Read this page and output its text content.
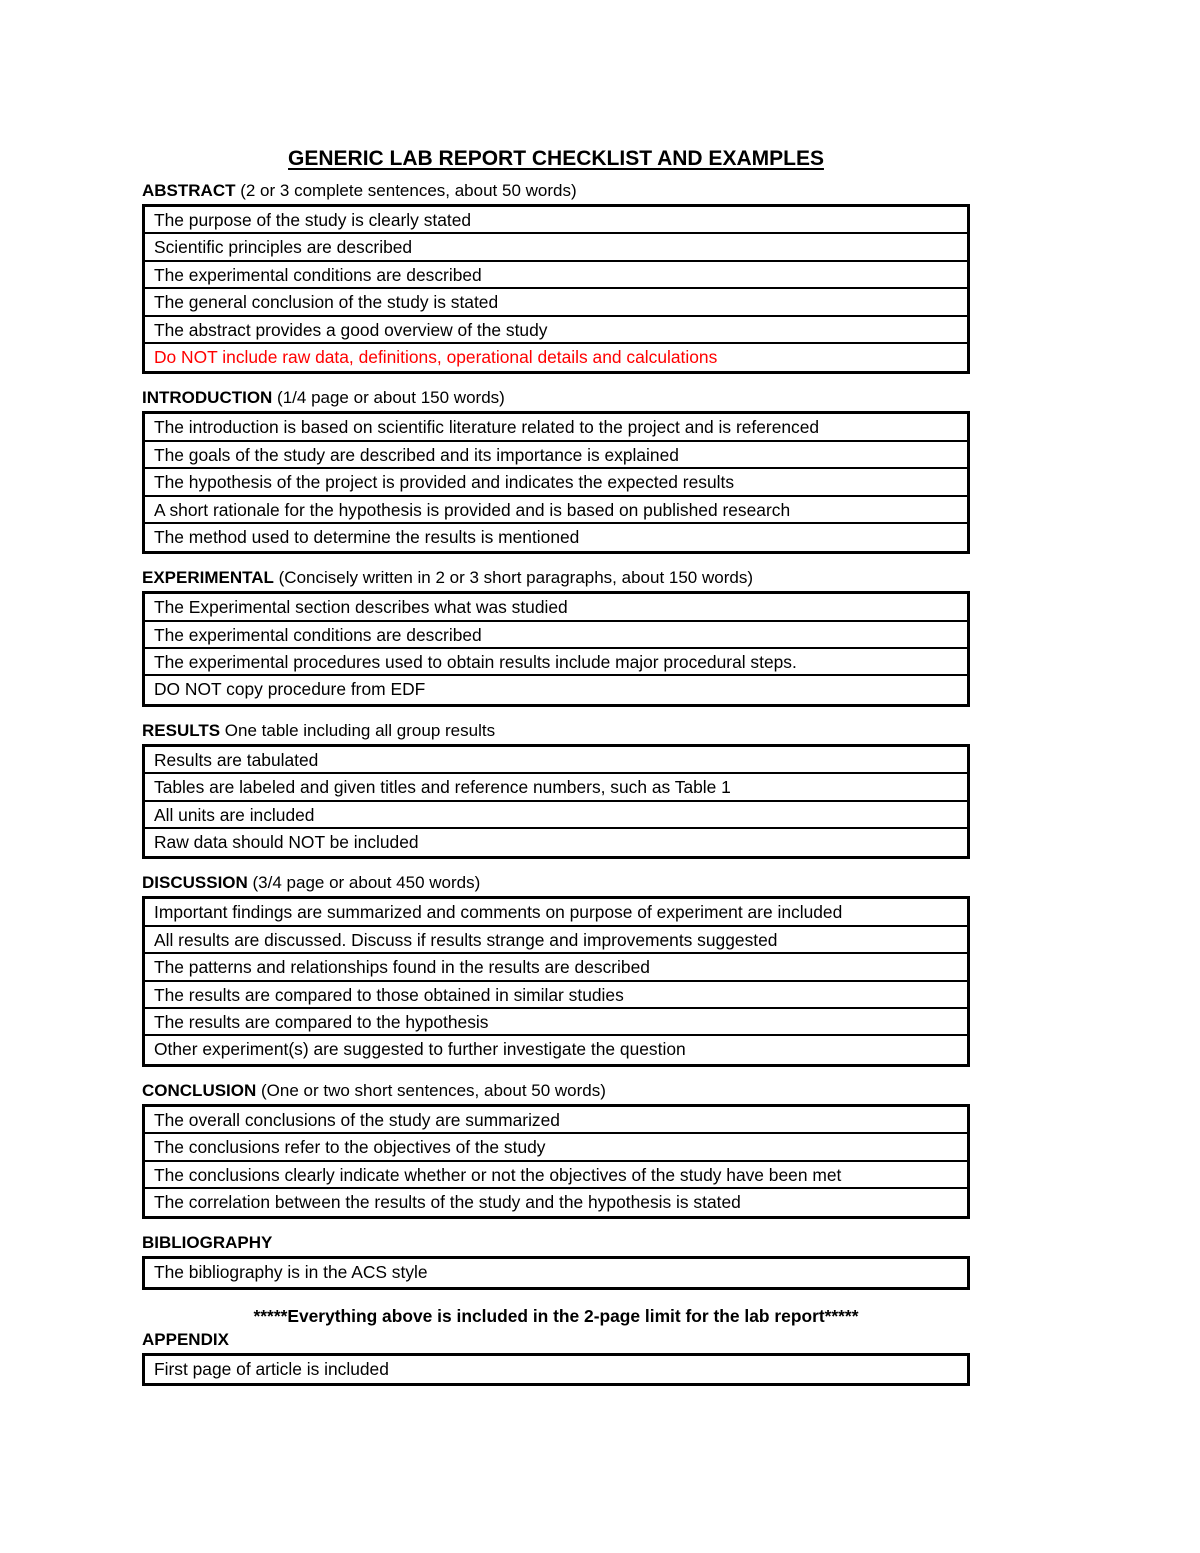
GENERIC LAB REPORT CHECKLIST AND EXAMPLES
ABSTRACT (2 or 3 complete sentences, about 50 words)
The purpose of the study is clearly stated
Scientific principles are described
The experimental conditions are described
The general conclusion of the study is stated
The abstract provides a good overview of the study
Do NOT include raw data, definitions, operational details and calculations
INTRODUCTION (1/4 page or about 150 words)
The introduction is based on scientific literature related to the project and is referenced
The goals of the study are described and its importance is explained
The hypothesis of the project is provided and indicates the expected results
A short rationale for the hypothesis is provided and is based on published research
The method used to determine the results is mentioned
EXPERIMENTAL (Concisely written in 2 or 3 short paragraphs, about 150 words)
The Experimental section describes what was studied
The experimental conditions are described
The experimental procedures used to obtain results include major procedural steps.
DO NOT copy procedure from EDF
RESULTS One table including all group results
Results are tabulated
Tables are labeled and given titles and reference numbers, such as Table 1
All units are included
Raw data should NOT be included
DISCUSSION (3/4 page or about 450 words)
Important findings are summarized and comments on purpose of experiment are included
All results are discussed. Discuss if results strange and improvements suggested
The patterns and relationships found in the results are described
The results are compared to those obtained in similar studies
The results are compared to the hypothesis
Other experiment(s) are suggested to further investigate the question
CONCLUSION (One or two short sentences, about 50 words)
The overall conclusions of the study are summarized
The conclusions refer to the objectives of the study
The conclusions clearly indicate whether or not the objectives of the study have been met
The correlation between the results of the study and the hypothesis is stated
BIBLIOGRAPHY
The bibliography is in the ACS style
*****Everything above is included in the 2-page limit for the lab report*****
APPENDIX
First page of article is included
